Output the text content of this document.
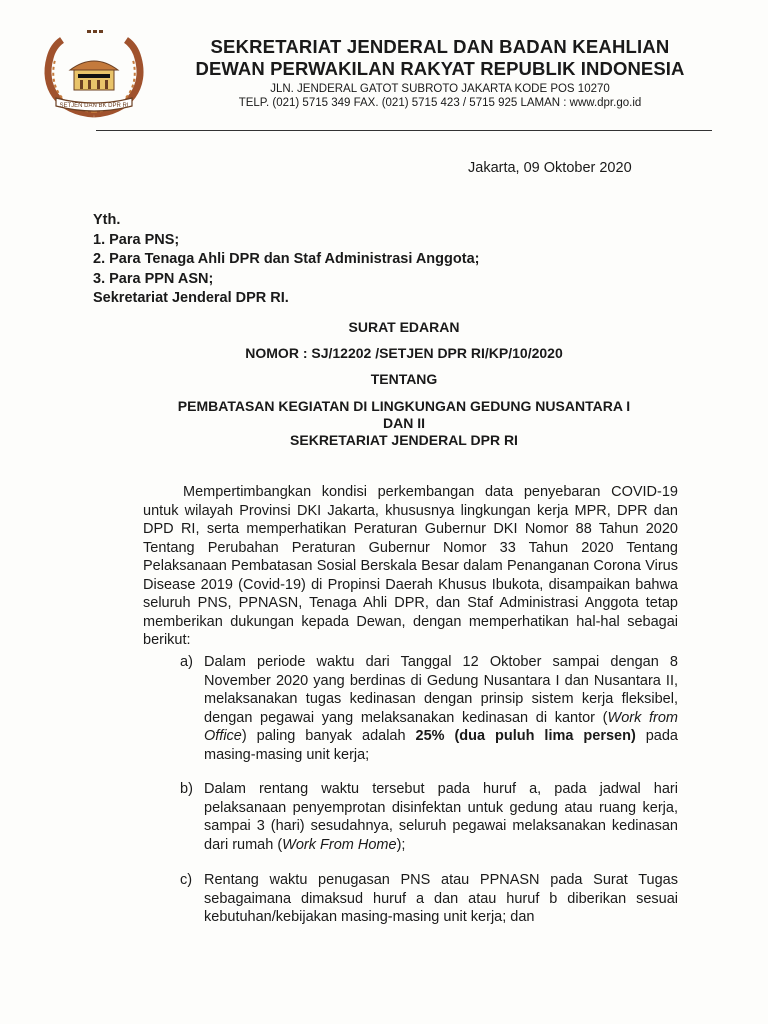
SETJEN DAN BK DPR RI
SEKRETARIAT JENDERAL DAN BADAN KEAHLIAN
DEWAN PERWAKILAN RAKYAT REPUBLIK INDONESIA
JLN. JENDERAL GATOT SUBROTO JAKARTA KODE POS 10270
TELP. (021) 5715 349 FAX. (021) 5715 423 / 5715 925 LAMAN : www.dpr.go.id
Jakarta, 09 Oktober 2020
Yth.
1. Para PNS;
2. Para Tenaga Ahli DPR dan Staf Administrasi Anggota;
3. Para PPN ASN;
Sekretariat Jenderal DPR RI.
SURAT EDARAN
NOMOR : SJ/12202 /SETJEN DPR RI/KP/10/2020
TENTANG
PEMBATASAN KEGIATAN DI LINGKUNGAN GEDUNG NUSANTARA I
DAN II
SEKRETARIAT JENDERAL DPR RI
Mempertimbangkan kondisi perkembangan data penyebaran COVID-19 untuk wilayah Provinsi DKI Jakarta, khususnya lingkungan kerja MPR, DPR dan DPD RI, serta memperhatikan Peraturan Gubernur DKI Nomor 88 Tahun 2020 Tentang Perubahan Peraturan Gubernur Nomor 33 Tahun 2020 Tentang Pelaksanaan Pembatasan Sosial Berskala Besar dalam Penanganan Corona Virus Disease 2019 (Covid-19) di Propinsi Daerah Khusus Ibukota, disampaikan bahwa seluruh PNS, PPNASN, Tenaga Ahli DPR, dan Staf Administrasi Anggota tetap memberikan dukungan kepada Dewan, dengan memperhatikan hal-hal sebagai berikut:
a) Dalam periode waktu dari Tanggal 12 Oktober sampai dengan 8 November 2020 yang berdinas di Gedung Nusantara I dan Nusantara II, melaksanakan tugas kedinasan dengan prinsip sistem kerja fleksibel, dengan pegawai yang melaksanakan kedinasan di kantor (Work from Office) paling banyak adalah 25% (dua puluh lima persen) pada masing-masing unit kerja;
b) Dalam rentang waktu tersebut pada huruf a, pada jadwal hari pelaksanaan penyemprotan disinfektan untuk gedung atau ruang kerja, sampai 3 (hari) sesudahnya, seluruh pegawai melaksanakan kedinasan dari rumah (Work From Home);
c) Rentang waktu penugasan PNS atau PPNASN pada Surat Tugas sebagaimana dimaksud huruf a dan atau huruf b diberikan sesuai kebutuhan/kebijakan masing-masing unit kerja; dan
